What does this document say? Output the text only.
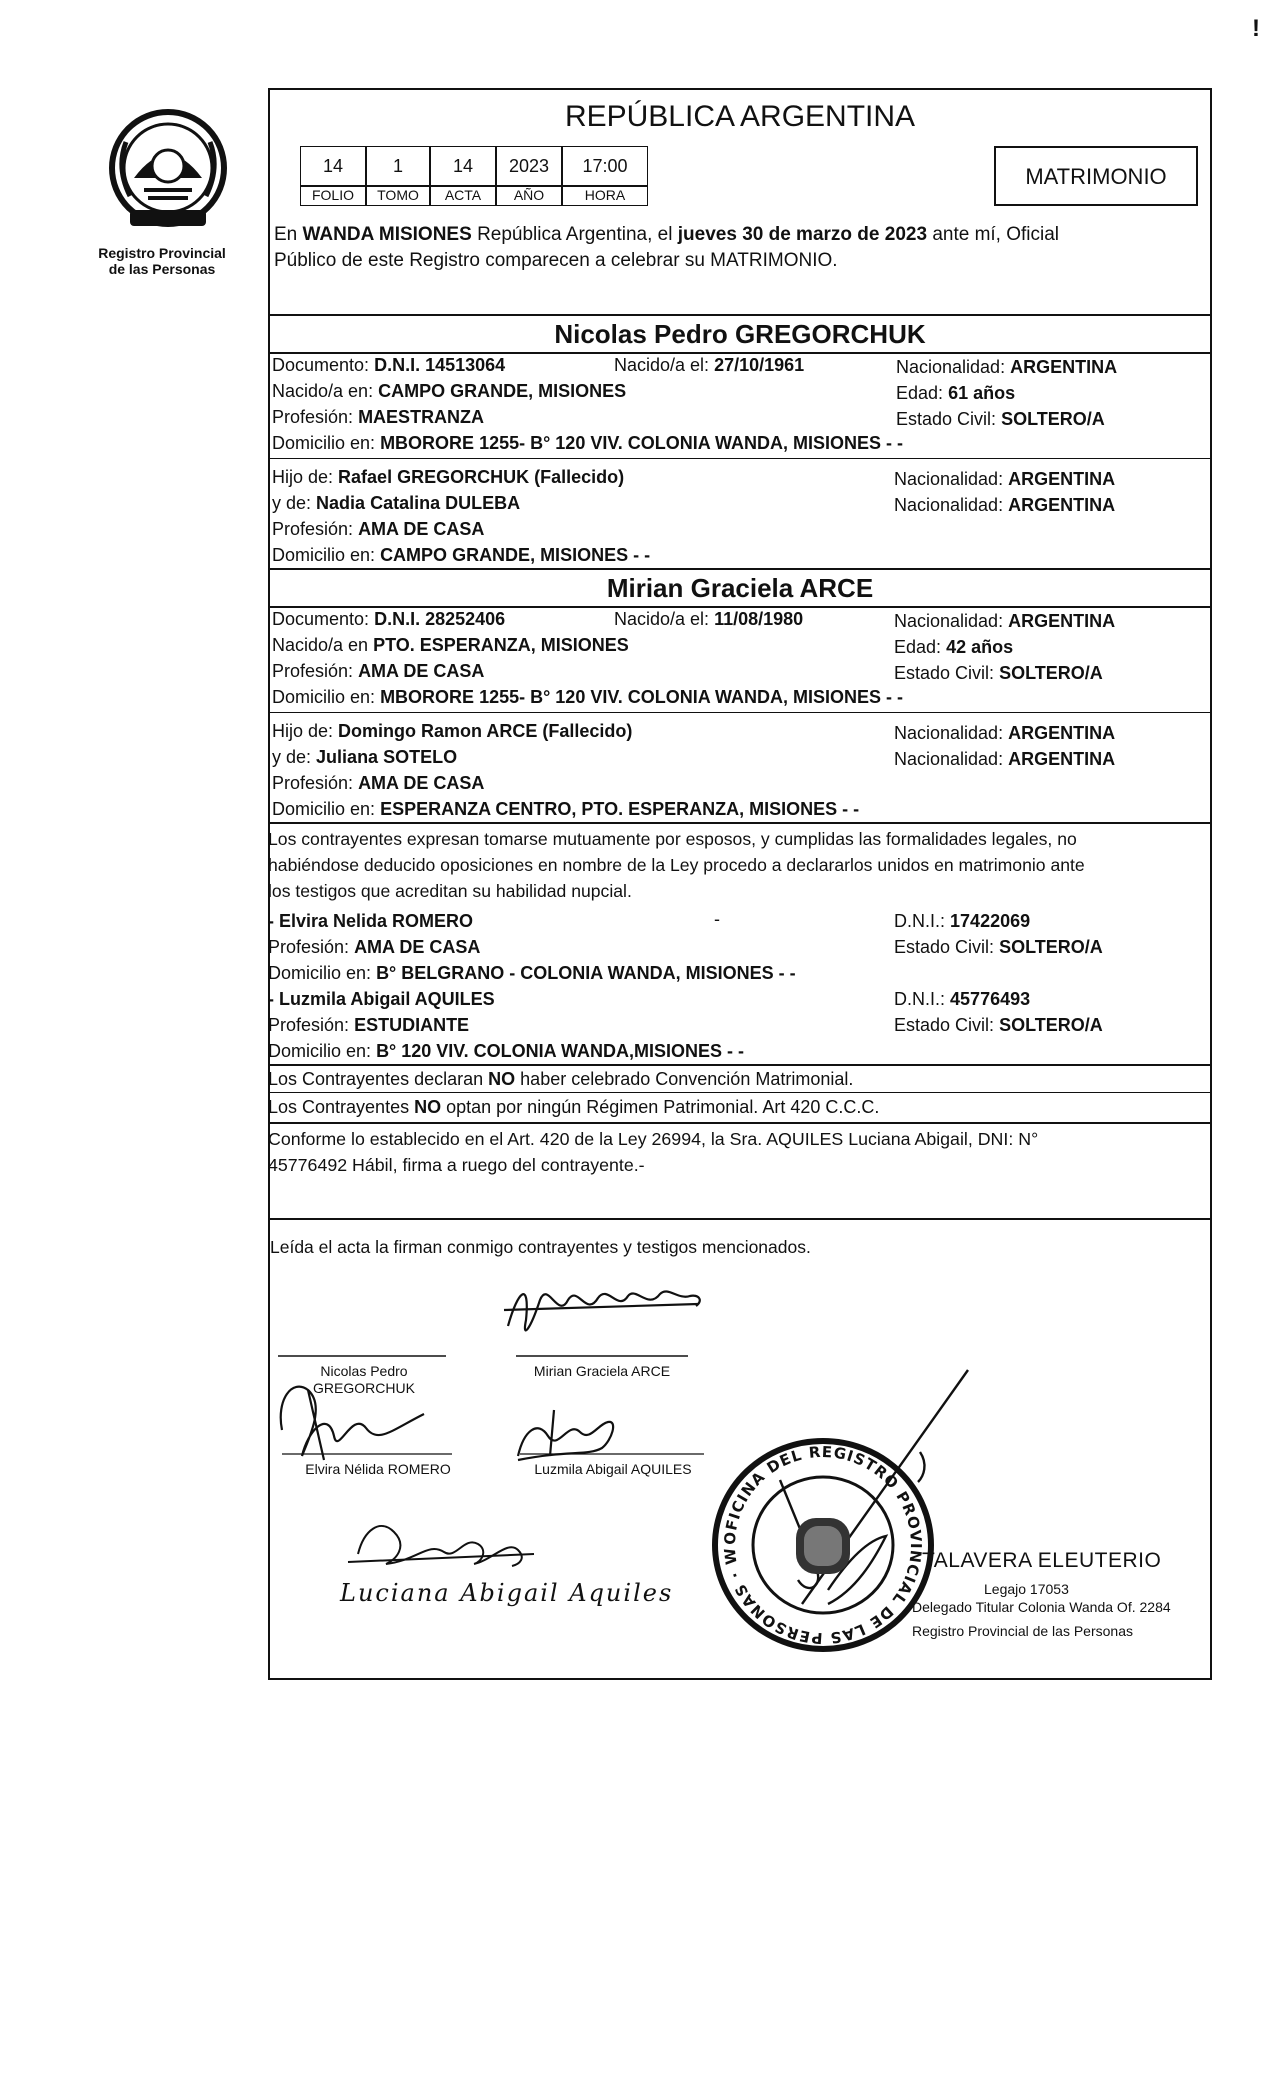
Registro Provincial
de las Personas
!
REPÚBLICA ARGENTINA
14	1	14	2023	17:00
FOLIO	TOMO	ACTA	AÑO	HORA
MATRIMONIO
En WANDA MISIONES República Argentina, el jueves 30 de marzo de 2023 ante mí, Oficial
Público de este Registro comparecen a celebrar su MATRIMONIO.
Nicolas Pedro GREGORCHUK
Documento: D.N.I. 14513064	Nacido/a el: 27/10/1961	Nacionalidad: ARGENTINA
Nacido/a en: CAMPO GRANDE, MISIONES	Edad: 61 años
Profesión: MAESTRANZA	Estado Civil: SOLTERO/A
Domicilio en: MBORORE 1255- B° 120 VIV. COLONIA WANDA, MISIONES - -
Hijo de: Rafael GREGORCHUK (Fallecido)	Nacionalidad: ARGENTINA
y de: Nadia Catalina DULEBA	Nacionalidad: ARGENTINA
Profesión: AMA DE CASA
Domicilio en: CAMPO GRANDE, MISIONES - -
Mirian Graciela ARCE
Documento: D.N.I. 28252406	Nacido/a el: 11/08/1980	Nacionalidad: ARGENTINA
Nacido/a en PTO. ESPERANZA, MISIONES	Edad: 42 años
Profesión: AMA DE CASA	Estado Civil: SOLTERO/A
Domicilio en: MBORORE 1255- B° 120 VIV. COLONIA WANDA, MISIONES - -
Hijo de: Domingo Ramon ARCE (Fallecido)	Nacionalidad: ARGENTINA
y de: Juliana SOTELO	Nacionalidad: ARGENTINA
Profesión: AMA DE CASA
Domicilio en: ESPERANZA CENTRO, PTO. ESPERANZA, MISIONES - -
Los contrayentes expresan tomarse mutuamente por esposos, y cumplidas las formalidades legales, no
habiéndose deducido oposiciones en nombre de la Ley procedo a declararlos unidos en matrimonio ante
los testigos que acreditan su habilidad nupcial.
- Elvira Nelida ROMERO	-	D.N.I.: 17422069
Profesión: AMA DE CASA	Estado Civil: SOLTERO/A
Domicilio en: B° BELGRANO - COLONIA WANDA, MISIONES - -
- Luzmila Abigail AQUILES	D.N.I.: 45776493
Profesión: ESTUDIANTE	Estado Civil: SOLTERO/A
Domicilio en: B° 120 VIV. COLONIA WANDA,MISIONES - -
Los Contrayentes declaran NO haber celebrado Convención Matrimonial.
Los Contrayentes NO optan por ningún Régimen Patrimonial. Art 420 C.C.C.
Conforme lo establecido en el Art. 420 de la Ley 26994, la Sra. AQUILES Luciana Abigail, DNI: N°
45776492 Hábil, firma a ruego del contrayente.-
Leída el acta la firman conmigo contrayentes y testigos mencionados.
Nicolas Pedro
GREGORCHUK
Mirian Graciela ARCE
Elvira Nélida ROMERO	Luzmila Abigail AQUILES
Luciana Abigail Aquiles
OFICINA DEL REGISTRO PROVINCIAL DE LAS PERSONAS · W	TALAVERA ELEUTERIO
Legajo 17053
Delegado Titular Colonia Wanda Of. 2284
Registro Provincial de las Personas
